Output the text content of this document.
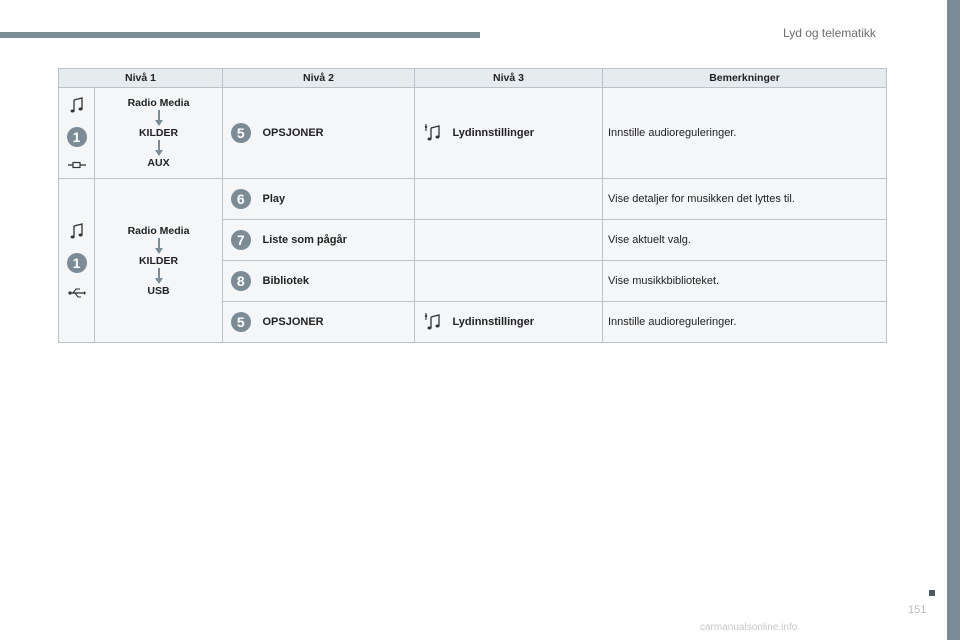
Lyd og telematikk
Nivå 1		Nivå 2		Nivå 3		Bemerkninger

1	Radio Media
KILDER
AUX	5	OPSJONER		Lydinnstillinger	Innstille audioreguleringer.

1	Radio Media
KILDER
USB	6	Play			Vise detaljer for musikken det lyttes til.
		7	Liste som pågår			Vise aktuelt valg.
		8	Bibliotek			Vise musikkbiblioteket.
		5	OPSJONER		Lydinnstillinger	Innstille audioreguleringer.
151
carmanualsonline.info
